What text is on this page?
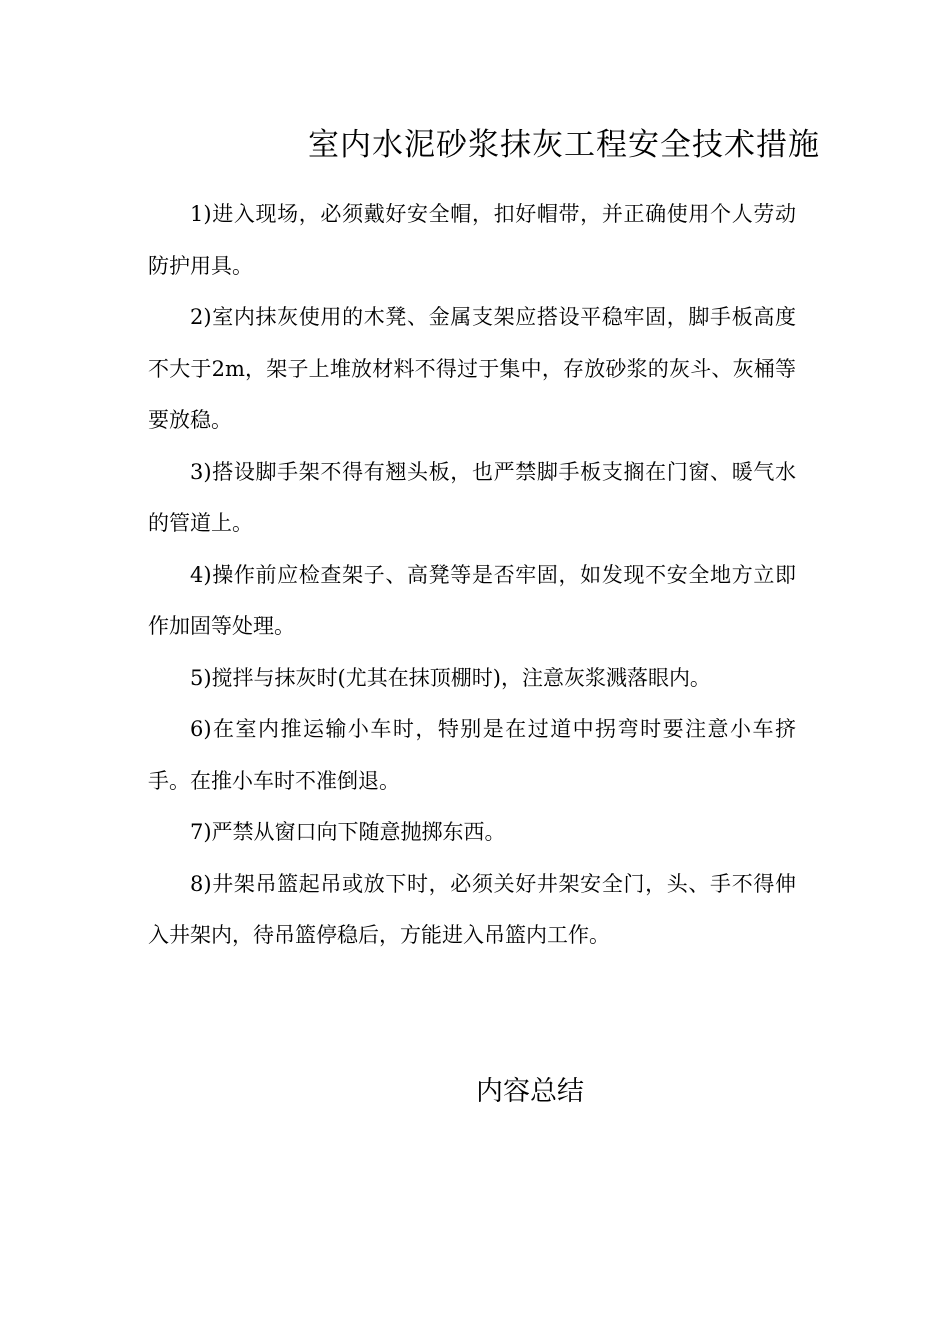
室内水泥砂浆抹灰工程安全技术措施

1)进入现场，必须戴好安全帽，扣好帽带，并正确使用个人劳动防护用具。

2)室内抹灰使用的木凳、金属支架应搭设平稳牢固，脚手板高度不大于2m，架子上堆放材料不得过于集中，存放砂浆的灰斗、灰桶等要放稳。

3)搭设脚手架不得有翘头板，也严禁脚手板支搁在门窗、暖气水的管道上。

4)操作前应检查架子、高凳等是否牢固，如发现不安全地方立即作加固等处理。

5)搅拌与抹灰时(尤其在抹顶棚时)，注意灰浆溅落眼内。

6)在室内推运输小车时，特别是在过道中拐弯时要注意小车挤手。在推小车时不准倒退。

7)严禁从窗口向下随意抛掷东西。

8)井架吊篮起吊或放下时，必须关好井架安全门，头、手不得伸入井架内，待吊篮停稳后，方能进入吊篮内工作。

内容总结
